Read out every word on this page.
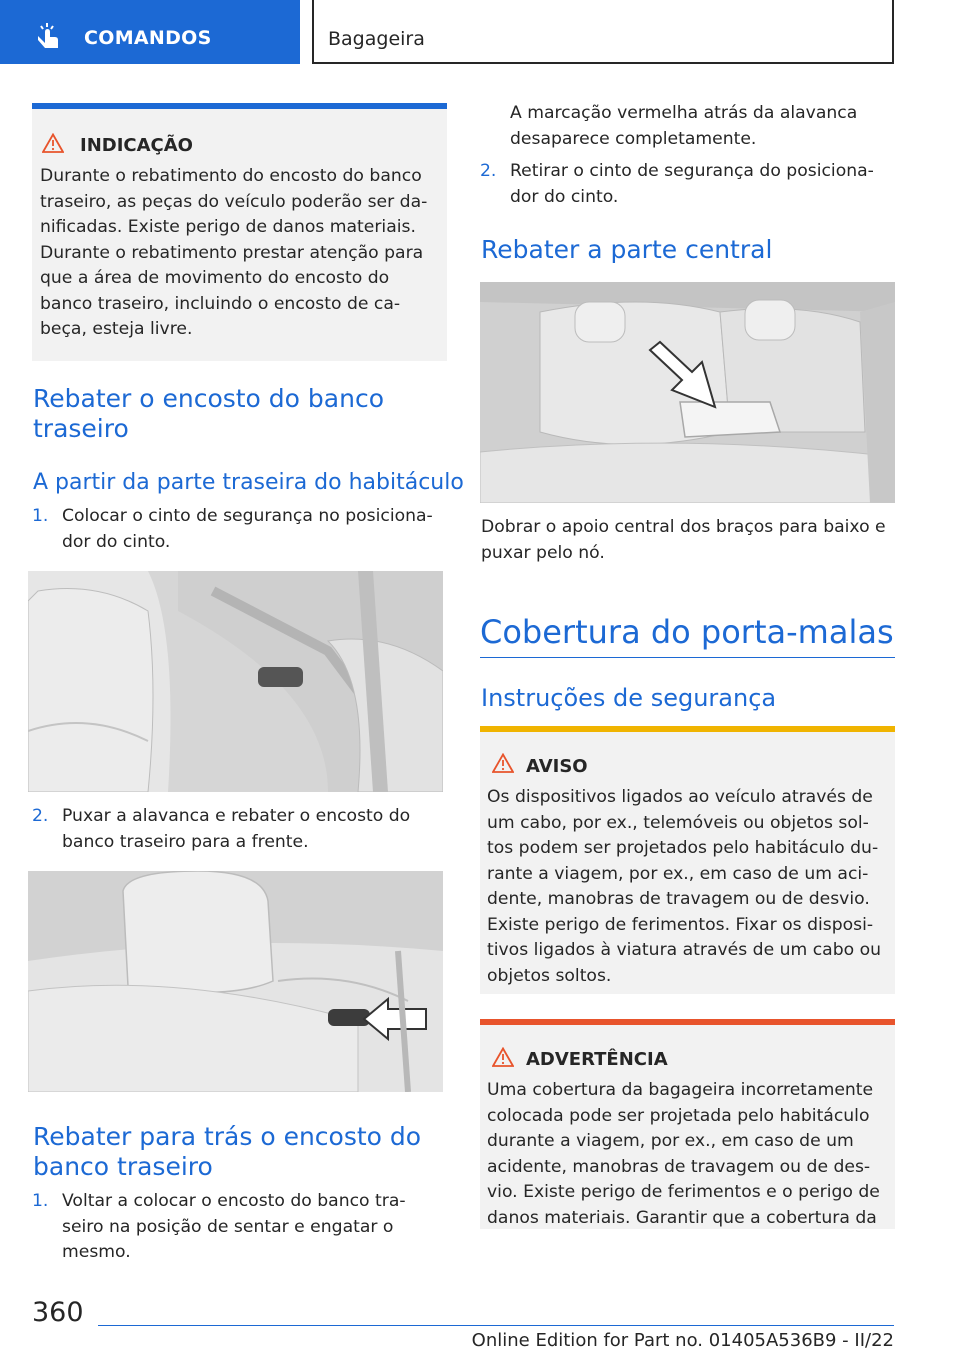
COMANDOS	Bagageira
INDICAÇÃO
Durante o rebatimento do encosto do banco
traseiro, as peças do veículo poderão ser da-
nificadas. Existe perigo de danos materiais.
Durante o rebatimento prestar atenção para
que a área de movimento do encosto do
banco traseiro, incluindo o encosto de ca-
beça, esteja livre.
Rebater o encosto do banco
traseiro
A partir da parte traseira do habitáculo
1. Colocar o cinto de segurança no posiciona-
dor do cinto.
2. Puxar a alavanca e rebater o encosto do
banco traseiro para a frente.
Rebater para trás o encosto do
banco traseiro
1. Voltar a colocar o encosto do banco tra-
seiro na posição de sentar e engatar o
mesmo.
A marcação vermelha atrás da alavanca
desaparece completamente.
2. Retirar o cinto de segurança do posiciona-
dor do cinto.
Rebater a parte central
Dobrar o apoio central dos braços para baixo e
puxar pelo nó.
Cobertura do porta-malas
Instruções de segurança
AVISO
Os dispositivos ligados ao veículo através de
um cabo, por ex., telemóveis ou objetos sol-
tos podem ser projetados pelo habitáculo du-
rante a viagem, por ex., em caso de um aci-
dente, manobras de travagem ou de desvio.
Existe perigo de ferimentos. Fixar os disposi-
tivos ligados à viatura através de um cabo ou
objetos soltos.
ADVERTÊNCIA
Uma cobertura da bagageira incorretamente
colocada pode ser projetada pelo habitáculo
durante a viagem, por ex., em caso de um
acidente, manobras de travagem ou de des-
vio. Existe perigo de ferimentos e o perigo de
danos materiais. Garantir que a cobertura da
360
Online Edition for Part no. 01405A536B9 - II/22
